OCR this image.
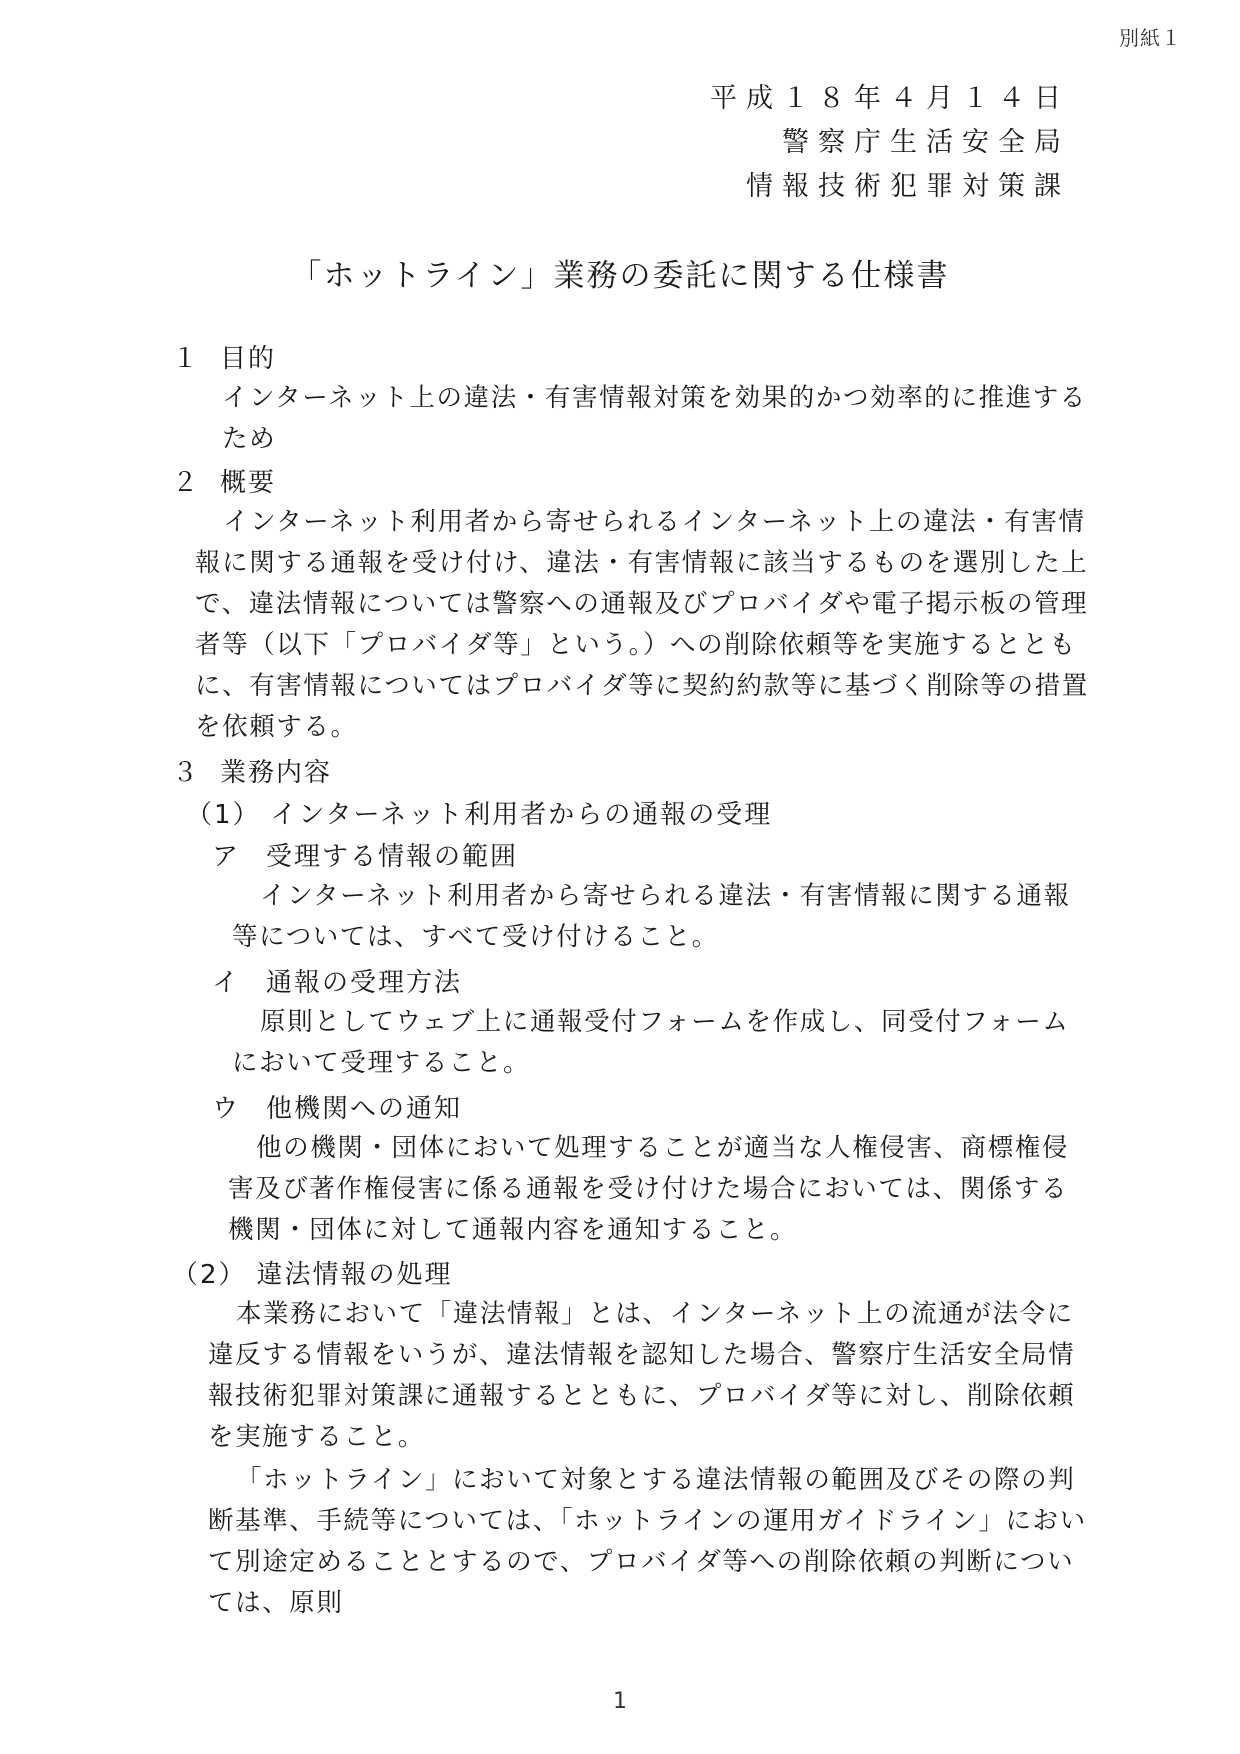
別紙１
平成１８年４月１４日
警察庁生活安全局
情報技術犯罪対策課
「ホットライン」業務の委託に関する仕様書
１ 目的
インターネット上の違法・有害情報対策を効果的かつ効率的に推進するため
２ 概要
インターネット利用者から寄せられるインターネット上の違法・有害情報に関する通報を受け付け、違法・有害情報に該当するものを選別した上で、違法情報については警察への通報及びプロバイダや電子掲示板の管理者等（以下「プロバイダ等」という。）への削除依頼等を実施するとともに、有害情報についてはプロバイダ等に契約約款等に基づく削除等の措置を依頼する。
３ 業務内容
（1） インターネット利用者からの通報の受理
ア 受理する情報の範囲
インターネット利用者から寄せられる違法・有害情報に関する通報等については、すべて受け付けること。
イ 通報の受理方法
原則としてウェブ上に通報受付フォームを作成し、同受付フォームにおいて受理すること。
ウ 他機関への通知
他の機関・団体において処理することが適当な人権侵害、商標権侵害及び著作権侵害に係る通報を受け付けた場合においては、関係する機関・団体に対して通報内容を通知すること。
（2） 違法情報の処理
本業務において「違法情報」とは、インターネット上の流通が法令に違反する情報をいうが、違法情報を認知した場合、警察庁生活安全局情報技術犯罪対策課に通報するとともに、プロバイダ等に対し、削除依頼を実施すること。
「ホットライン」において対象とする違法情報の範囲及びその際の判断基準、手続等については、「ホットラインの運用ガイドライン」において別途定めることとするので、プロバイダ等への削除依頼の判断については、原則
1
